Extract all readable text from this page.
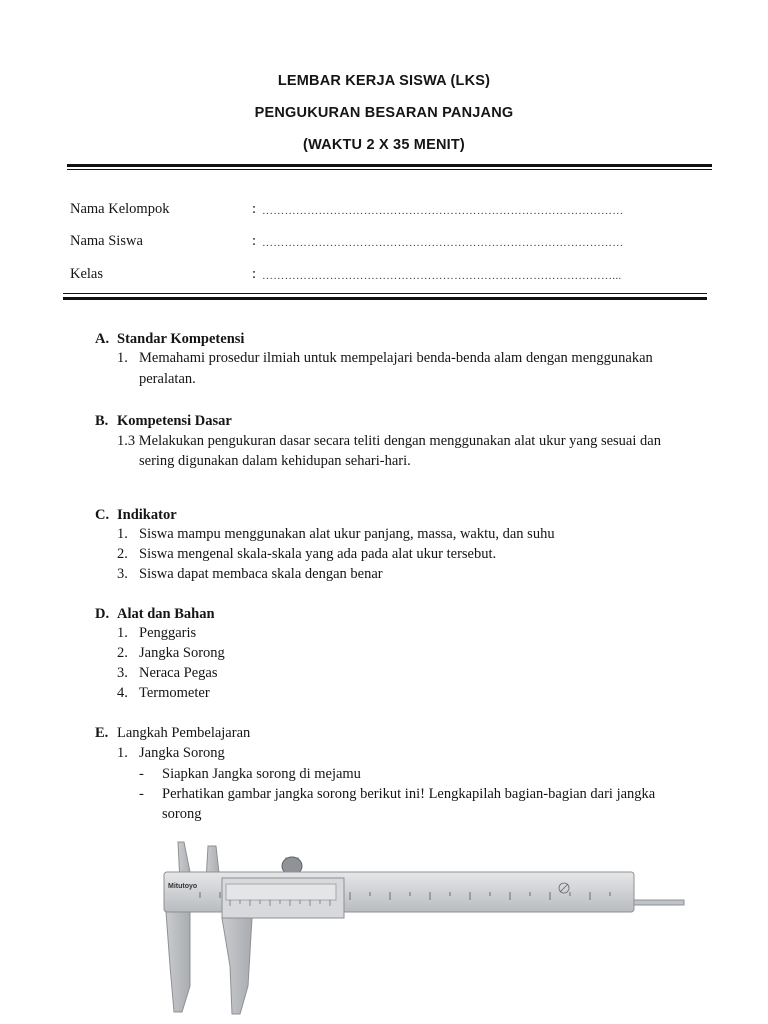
LEMBAR KERJA SISWA (LKS)
PENGUKURAN BESARAN PANJANG
(WAKTU 2 X 35 MENIT)
Nama Kelompok	: ……………………………………………………………………………………
Nama Siswa	: ……………………………………………………………………………………
Kelas	: …………………………………………………………………………………...
A. Standar Kompetensi
1. Memahami prosedur ilmiah untuk mempelajari benda-benda alam dengan menggunakan
peralatan.
B. Kompetensi Dasar
1.3 Melakukan pengukuran dasar secara teliti dengan menggunakan alat ukur yang sesuai dan
sering digunakan dalam kehidupan sehari-hari.
C. Indikator
1. Siswa mampu menggunakan alat ukur panjang, massa, waktu, dan suhu
2. Siswa mengenal skala-skala yang ada pada alat ukur tersebut.
3. Siswa dapat membaca skala dengan benar
D. Alat dan Bahan
1. Penggaris
2. Jangka Sorong
3. Neraca Pegas
4. Termometer
E. Langkah Pembelajaran
1. Jangka Sorong
- Siapkan Jangka sorong di mejamu
- Perhatikan gambar jangka sorong berikut ini! Lengkapilah bagian-bagian dari jangka
sorong
Mitutoyo
